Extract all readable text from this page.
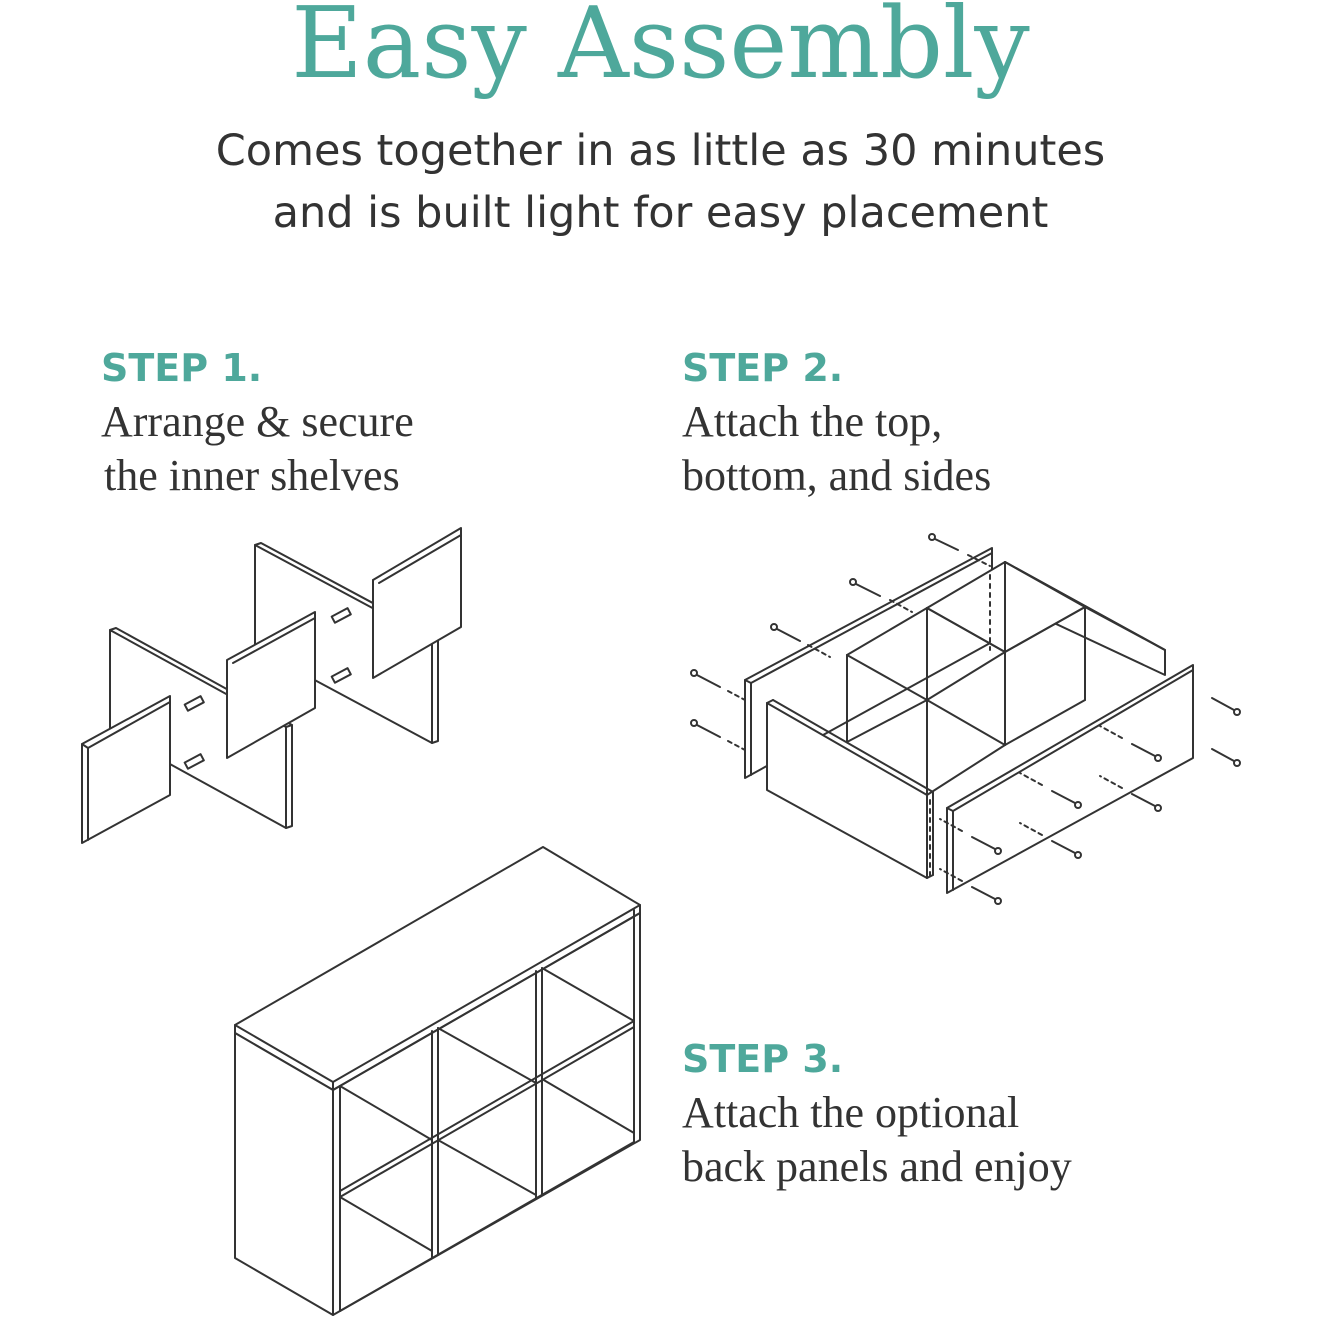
Easy Assembly

Comes together in as little as 30 minutes

and is built light for easy placement

STEP 1.

Arrange & secure

the inner shelves

STEP 2.

Attach the top,

bottom, and sides

STEP 3.

Attach the optional

back panels and enjoy
